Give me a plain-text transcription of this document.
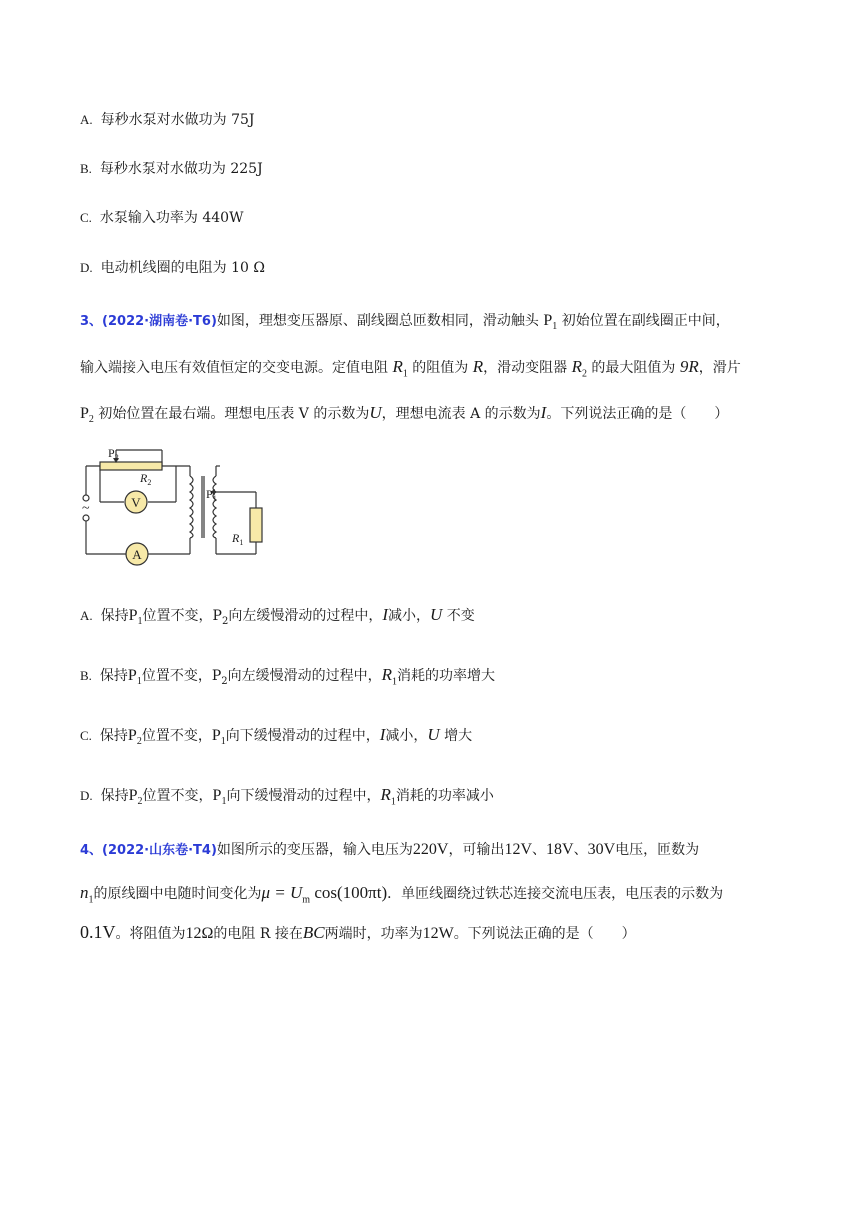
A. 每秒水泵对水做功为 75J
B. 每秒水泵对水做功为 225J
C. 水泵输入功率为 440W
D. 电动机线圈的电阻为 10 Ω
3、(2022·湖南卷·T6)如图，理想变压器原、副线圈总匝数相同，滑动触头 $P_1$ 初始位置在副线圈正中间，
输入端接入电压有效值恒定的交变电源。定值电阻 $R_1$ 的阻值为 R，滑动变阻器 $R_2$ 的最大阻值为 9R，滑片
$P_2$ 初始位置在最右端。理想电压表 V 的示数为U，理想电流表 A 的示数为I。下列说法正确的是（　　）
V
A
~
$P_2$
$R_2$
$P_1$
$R_1$
A. 保持$P_1$位置不变，$P_2$向左缓慢滑动的过程中，I减小，U 不变
B. 保持$P_1$位置不变，$P_2$向左缓慢滑动的过程中，$R_1$消耗的功率增大
C. 保持$P_2$位置不变，$P_1$向下缓慢滑动的过程中，I减小，U 增大
D. 保持$P_2$位置不变，$P_1$向下缓慢滑动的过程中，$R_1$消耗的功率减小
4、(2022·山东卷·T4)如图所示的变压器，输入电压为220V，可输出12V、18V、30V电压，匝数为
$n_1$的原线圈中电随时间变化为$\mu = U_m$ cos(100πt)．单匝线圈绕过铁芯连接交流电压表，电压表的示数为
0.1V。将阻值为12Ω的电阻 R 接在BC两端时，功率为12W。下列说法正确的是（　　）
